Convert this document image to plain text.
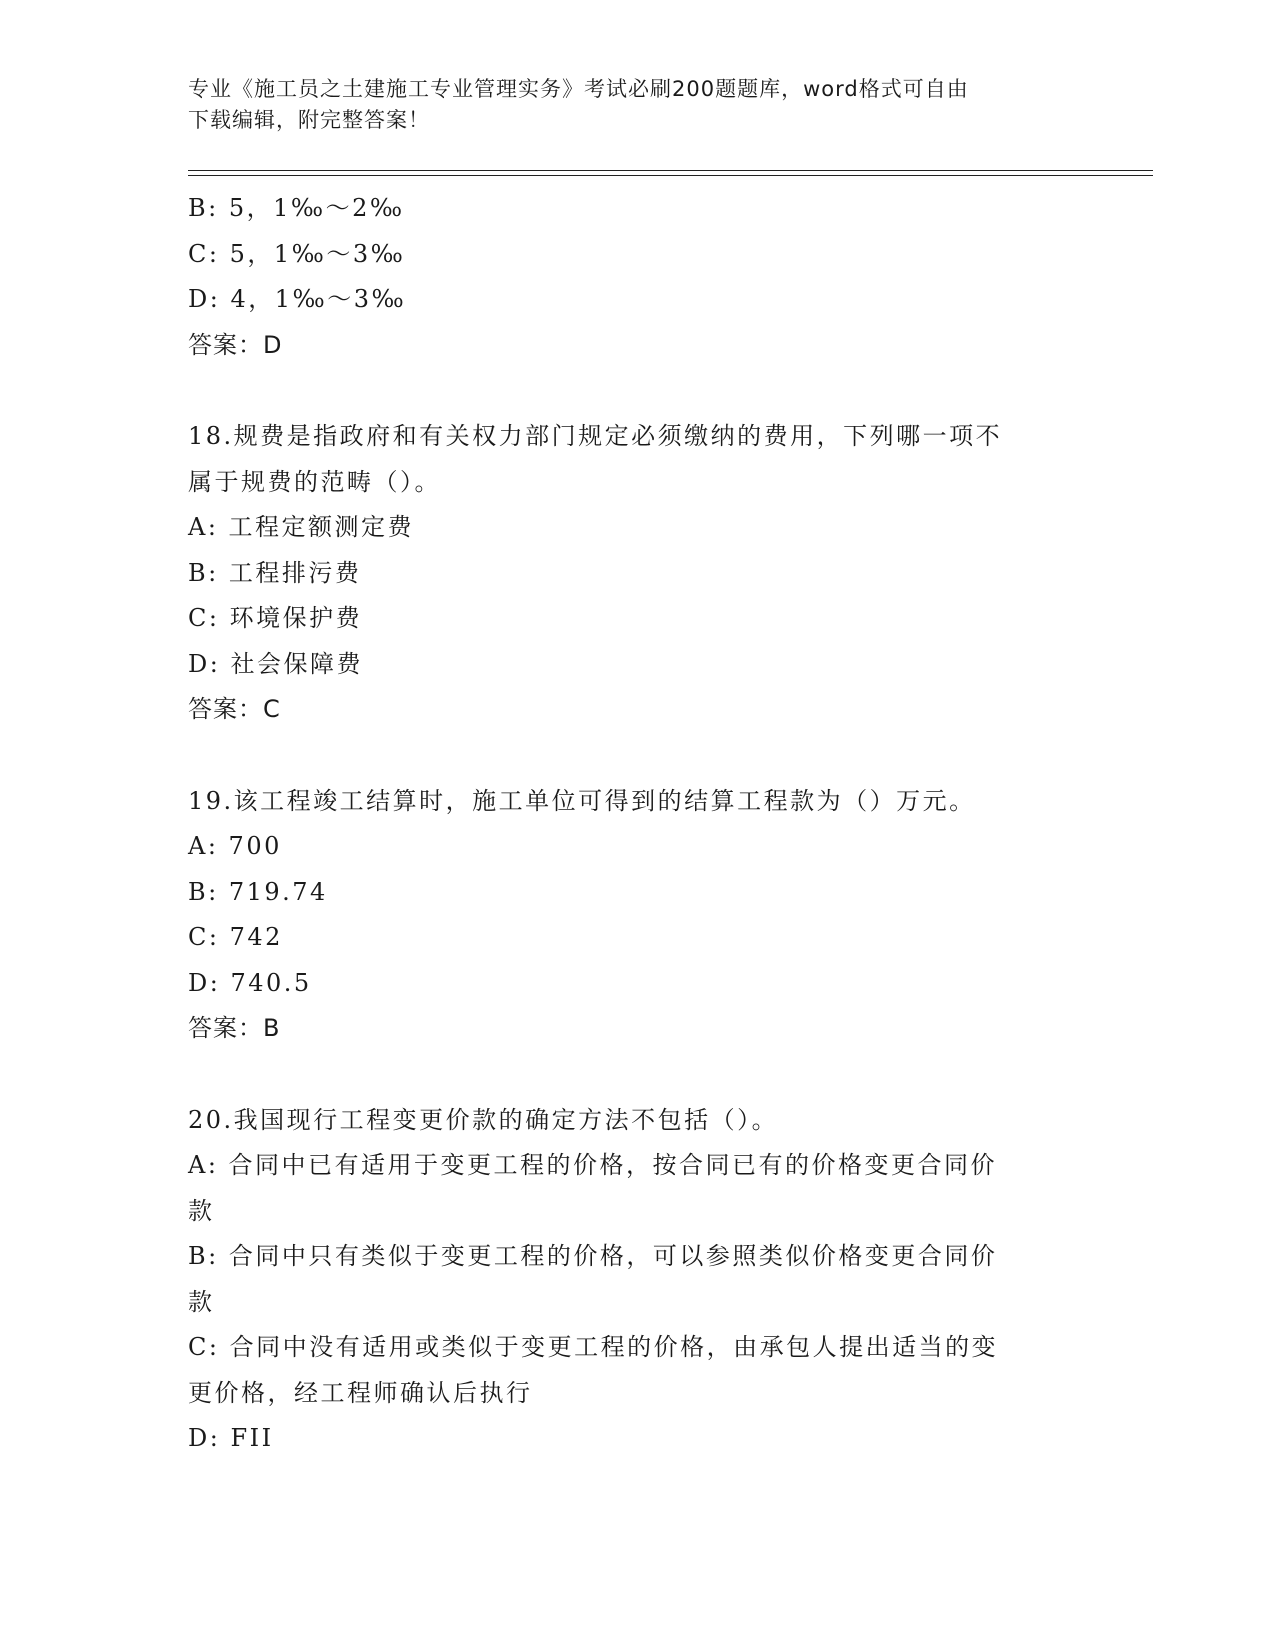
专业《施工员之土建施工专业管理实务》考试必刷200题题库，word格式可自由
下载编辑，附完整答案！
B: 5，1‰～2‰
C: 5，1‰～3‰
D: 4，1‰～3‰
答案：D
18.规费是指政府和有关权力部门规定必须缴纳的费用，下列哪一项不
属于规费的范畴（）。
A: 工程定额测定费
B: 工程排污费
C: 环境保护费
D: 社会保障费
答案：C
19.该工程竣工结算时，施工单位可得到的结算工程款为（）万元。
A: 700
B: 719.74
C: 742
D: 740.5
答案：B
20.我国现行工程变更价款的确定方法不包括（）。
A: 合同中已有适用于变更工程的价格，按合同已有的价格变更合同价
款
B: 合同中只有类似于变更工程的价格，可以参照类似价格变更合同价
款
C: 合同中没有适用或类似于变更工程的价格，由承包人提出适当的变
更价格，经工程师确认后执行
D: FII
